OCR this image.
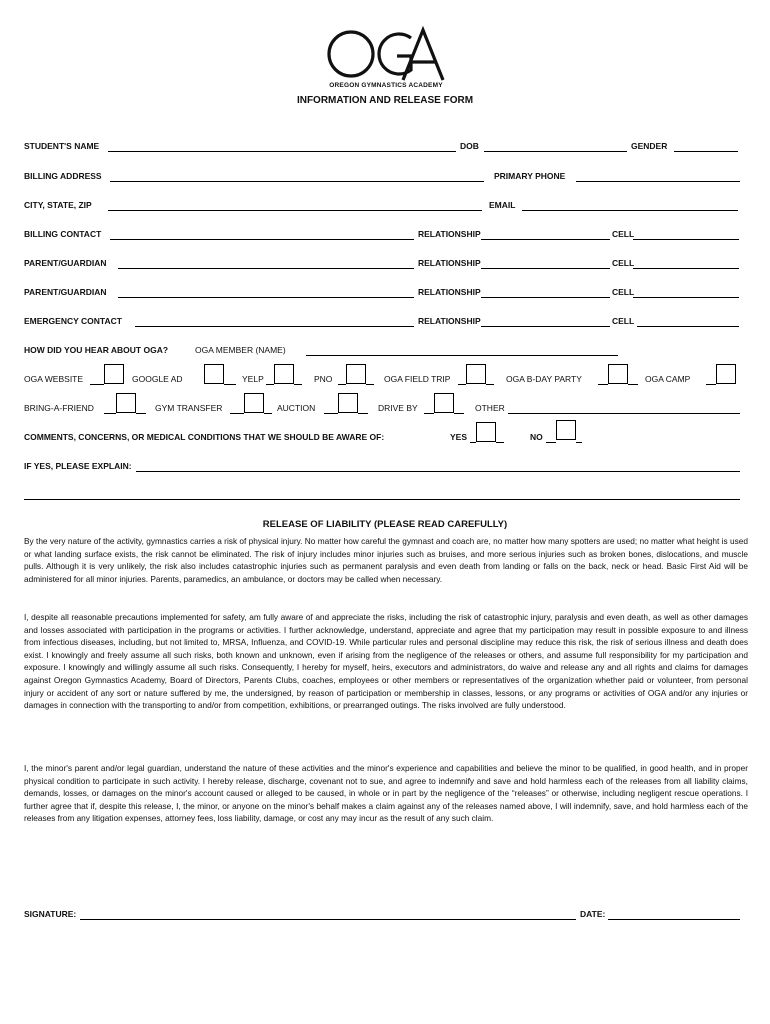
OREGON GYMNASTICS ACADEMY
INFORMATION AND RELEASE FORM
STUDENT'S NAME	DOB	GENDER
BILLING ADDRESS	PRIMARY PHONE
CITY, STATE, ZIP	EMAIL
BILLING CONTACT	RELATIONSHIP	CELL
PARENT/GUARDIAN	RELATIONSHIP	CELL
PARENT/GUARDIAN	RELATIONSHIP	CELL
EMERGENCY CONTACT	RELATIONSHIP	CELL
HOW DID YOU HEAR ABOUT OGA?	OGA MEMBER (NAME)
OGA WEBSITE	GOOGLE AD	YELP	PNO	OGA FIELD TRIP	OGA B-DAY PARTY	OGA CAMP
BRING-A-FRIEND	GYM TRANSFER	AUCTION	DRIVE BY	OTHER
COMMENTS, CONCERNS, OR MEDICAL CONDITIONS THAT WE SHOULD BE AWARE OF:	YES	NO
IF YES, PLEASE EXPLAIN:
RELEASE OF LIABILITY (PLEASE READ CAREFULLY)

By the very nature of the activity, gymnastics carries a risk of physical injury. No matter how careful the gymnast and coach are, no matter how many spotters are used; no matter what height is used or what landing surface exists, the risk cannot be eliminated. The risk of injury includes minor injuries such as bruises, and more serious injuries such as broken bones, dislocations, and muscle pulls. Although it is very unlikely, the risk also includes catastrophic injuries such as permanent paralysis and even death from landing or falls on the back, neck or head. Basic First Aid will be administered for all minor injuries. Parents, paramedics, an ambulance, or doctors may be called when necessary.

I, despite all reasonable precautions implemented for safety, am fully aware of and appreciate the risks, including the risk of catastrophic injury, paralysis and even death, as well as other damages and losses associated with participation in the programs or activities. I further acknowledge, understand, appreciate and agree that my participation may result in possible exposure to and illness from infectious diseases, including, but not limited to, MRSA, Influenza, and COVID-19. While particular rules and personal discipline may reduce this risk, the risk of serious illness and death does exist. I knowingly and freely assume all such risks, both known and unknown, even if arising from the negligence of the releases or others, and assume full responsibility for my participation and exposure. I knowingly and willingly assume all such risks. Consequently, I hereby for myself, heirs, executors and administrators, do waive and release any and all rights and claims for damages against Oregon Gymnastics Academy, Board of Directors, Parents Clubs, coaches, employees or other members or representatives of the organization whether paid or volunteer, from personal injury or accident of any sort or nature suffered by me, the undersigned, by reason of participation or membership in classes, lessons, or any programs or activities of OGA and/or any injuries or damages in connection with the transporting to and/or from competition, exhibitions, or prearranged outings. The risks involved are fully understood.

I, the minor's parent and/or legal guardian, understand the nature of these activities and the minor's experience and capabilities and believe the minor to be qualified, in good health, and in proper physical condition to participate in such activity. I hereby release, discharge, covenant not to sue, and agree to indemnify and save and hold harmless each of the releases from all liability claims, demands, losses, or damages on the minor's account caused or alleged to be caused, in whole or in part by the negligence of the “releases” or otherwise, including negligent rescue operations. I further agree that if, despite this release, I, the minor, or anyone on the minor's behalf makes a claim against any of the releases named above, I will indemnify, save, and hold harmless each of the releases from any litigation expenses, attorney fees, loss liability, damage, or cost any may incur as the result of any such claim.

SIGNATURE:	DATE:
